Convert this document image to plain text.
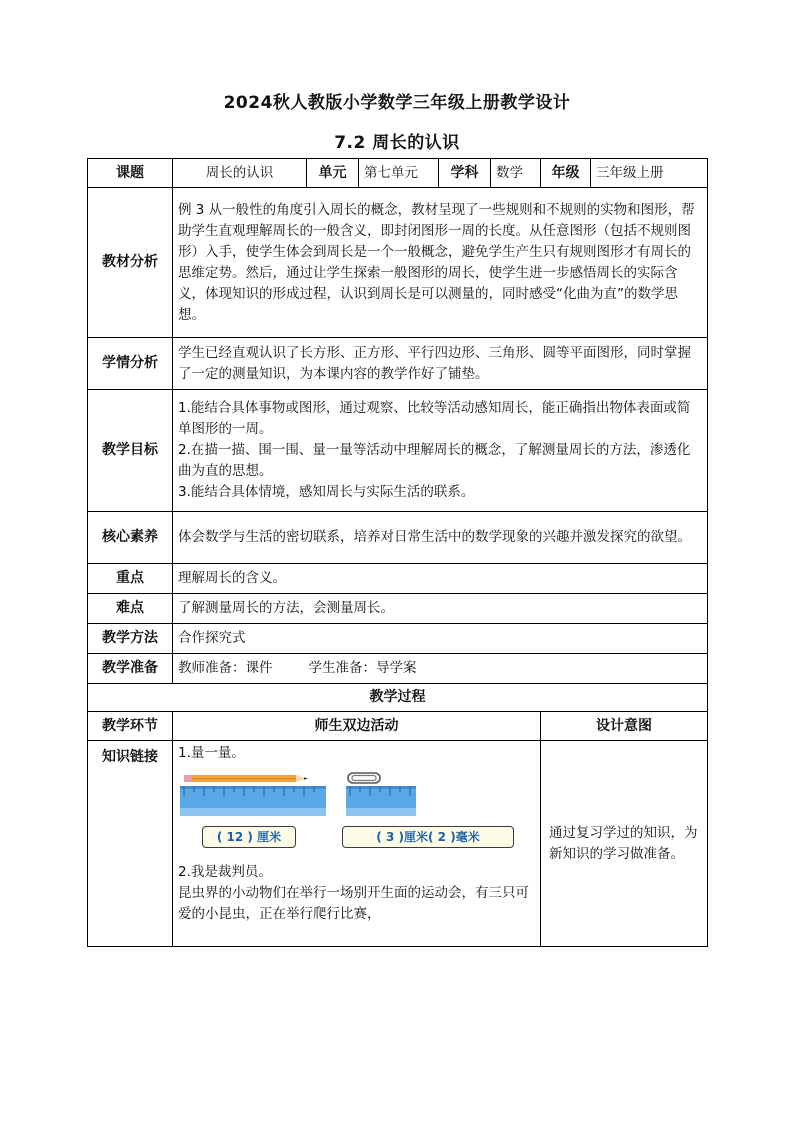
2024秋人教版小学数学三年级上册教学设计
7.2 周长的认识
课题	周长的认识	单元	第七单元	学科	数学	年级	三年级上册
教材分析	例 3 从一般性的角度引入周长的概念，教材呈现了一些规则和不规则的实物和图形，帮助学生直观理解周长的一般含义，即封闭图形一周的长度。从任意图形（包括不规则图形）入手，使学生体会到周长是一个一般概念，避免学生产生只有规则图形才有周长的思维定势。然后，通过让学生探索一般图形的周长，使学生进一步感悟周长的实际含义，体现知识的形成过程，认识到周长是可以测量的，同时感受“化曲为直”的数学思想。						
学情分析	学生已经直观认识了长方形、正方形、平行四边形、三角形、圆等平面图形，同时掌握了一定的测量知识，为本课内容的教学作好了铺垫。						
教学目标	1.能结合具体事物或图形，通过观察、比较等活动感知周长，能正确指出物体表面或简单图形的一周。

2.在描一描、围一围、量一量等活动中理解周长的概念，了解测量周长的方法，渗透化曲为直的思想。

3.能结合具体情境，感知周长与实际生活的联系。						

核心素养	体会数学与生活的密切联系，培养对日常生活中的数学现象的兴趣并激发探究的欲望。						
重点	理解周长的含义。						
难点	了解测量周长的方法，会测量周长。						
教学方法	合作探究式						
教学准备	教师准备：课件 学生准备：导学案						
教学过程							
教学环节	师生双边活动					设计意图	
知识链接	1.量一量。

( 12 ) 厘米 ( 3 )厘米( 2 )毫米

2.我是裁判员。

昆虫界的小动物们在举行一场别开生面的运动会，有三只可爱的小昆虫，正在举行爬行比赛，					通过复习学过的知识，为新知识的学习做准备。	
